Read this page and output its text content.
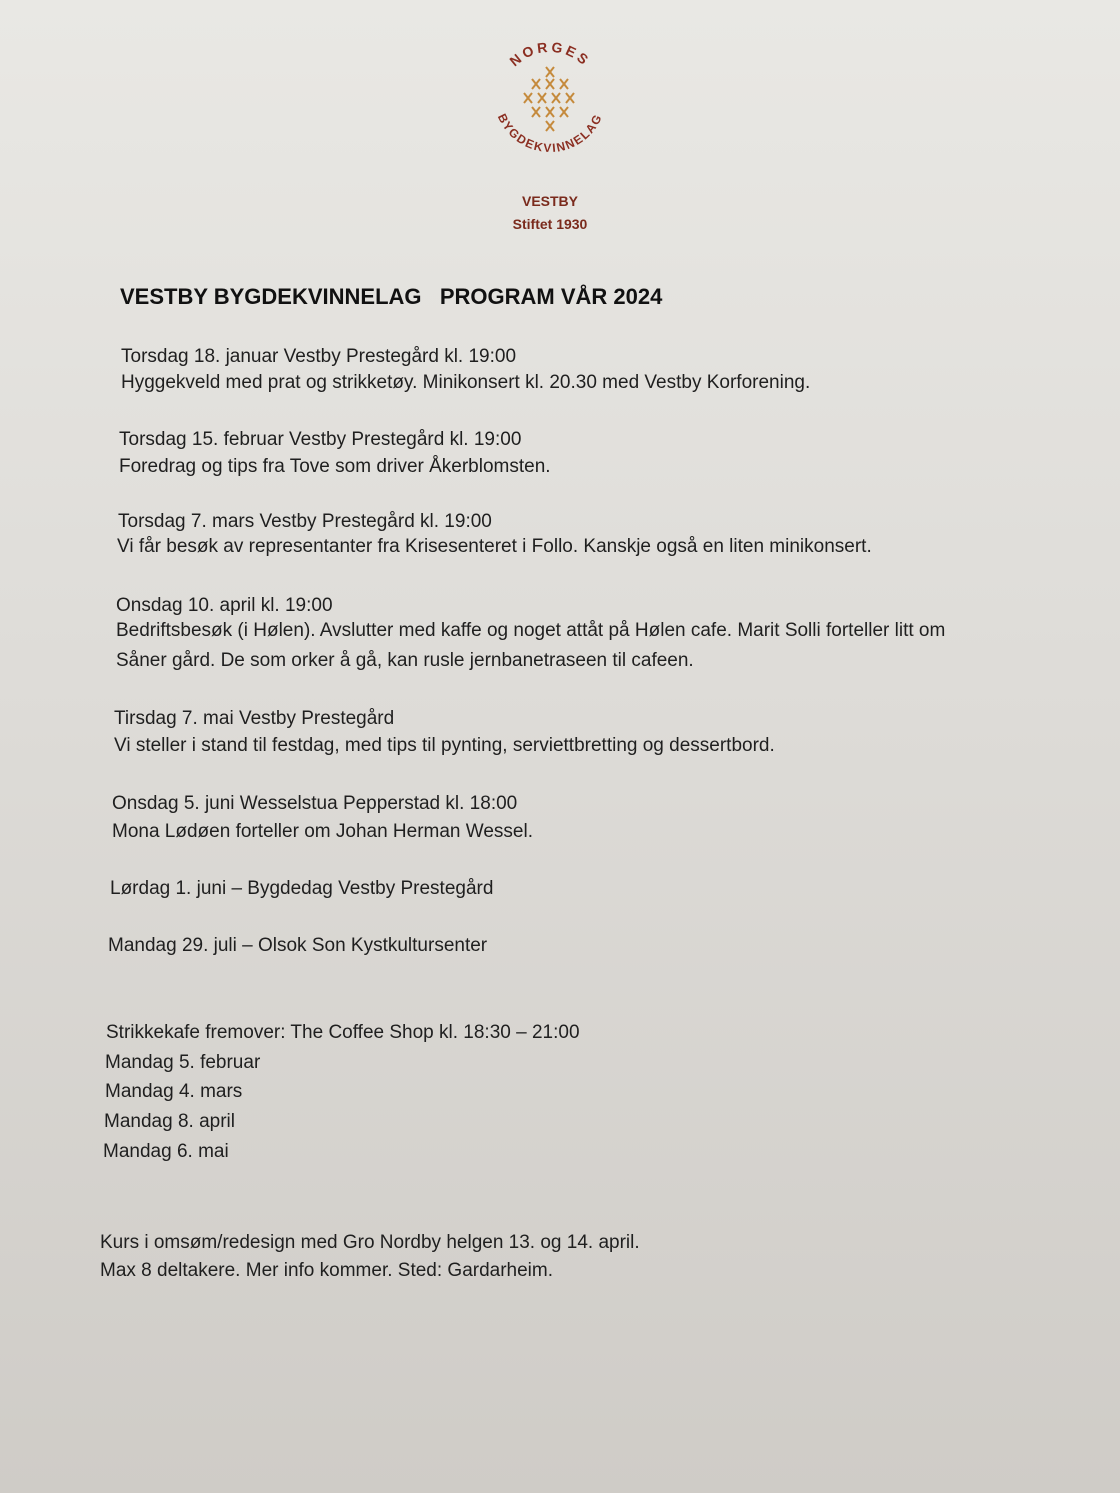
NORGES
BYGDEKVINNELAG
VESTBY
Stiftet 1930
VESTBY BYGDEKVINNELAG   PROGRAM VÅR 2024
Torsdag 18. januar Vestby Prestegård kl. 19:00
Hyggekveld med prat og strikketøy. Minikonsert kl. 20.30 med Vestby Korforening.
Torsdag 15. februar Vestby Prestegård kl. 19:00
Foredrag og tips fra Tove som driver Åkerblomsten.
Torsdag 7. mars Vestby Prestegård kl. 19:00
Vi får besøk av representanter fra Krisesenteret i Follo. Kanskje også en liten minikonsert.
Onsdag 10. april kl. 19:00
Bedriftsbesøk (i Hølen). Avslutter med kaffe og noget attåt på Hølen cafe. Marit Solli forteller litt om
Såner gård. De som orker å gå, kan rusle jernbanetraseen til cafeen.
Tirsdag 7. mai Vestby Prestegård
Vi steller i stand til festdag, med tips til pynting, serviettbretting og dessertbord.
Onsdag 5. juni Wesselstua Pepperstad kl. 18:00
Mona Lødøen forteller om Johan Herman Wessel.
Lørdag 1. juni – Bygdedag Vestby Prestegård
Mandag 29. juli – Olsok Son Kystkultursenter
Strikkekafe fremover: The Coffee Shop kl. 18:30 – 21:00
Mandag 5. februar
Mandag 4. mars
Mandag 8. april
Mandag 6. mai
Kurs i omsøm/redesign med Gro Nordby helgen 13. og 14. april.
Max 8 deltakere. Mer info kommer. Sted: Gardarheim.
